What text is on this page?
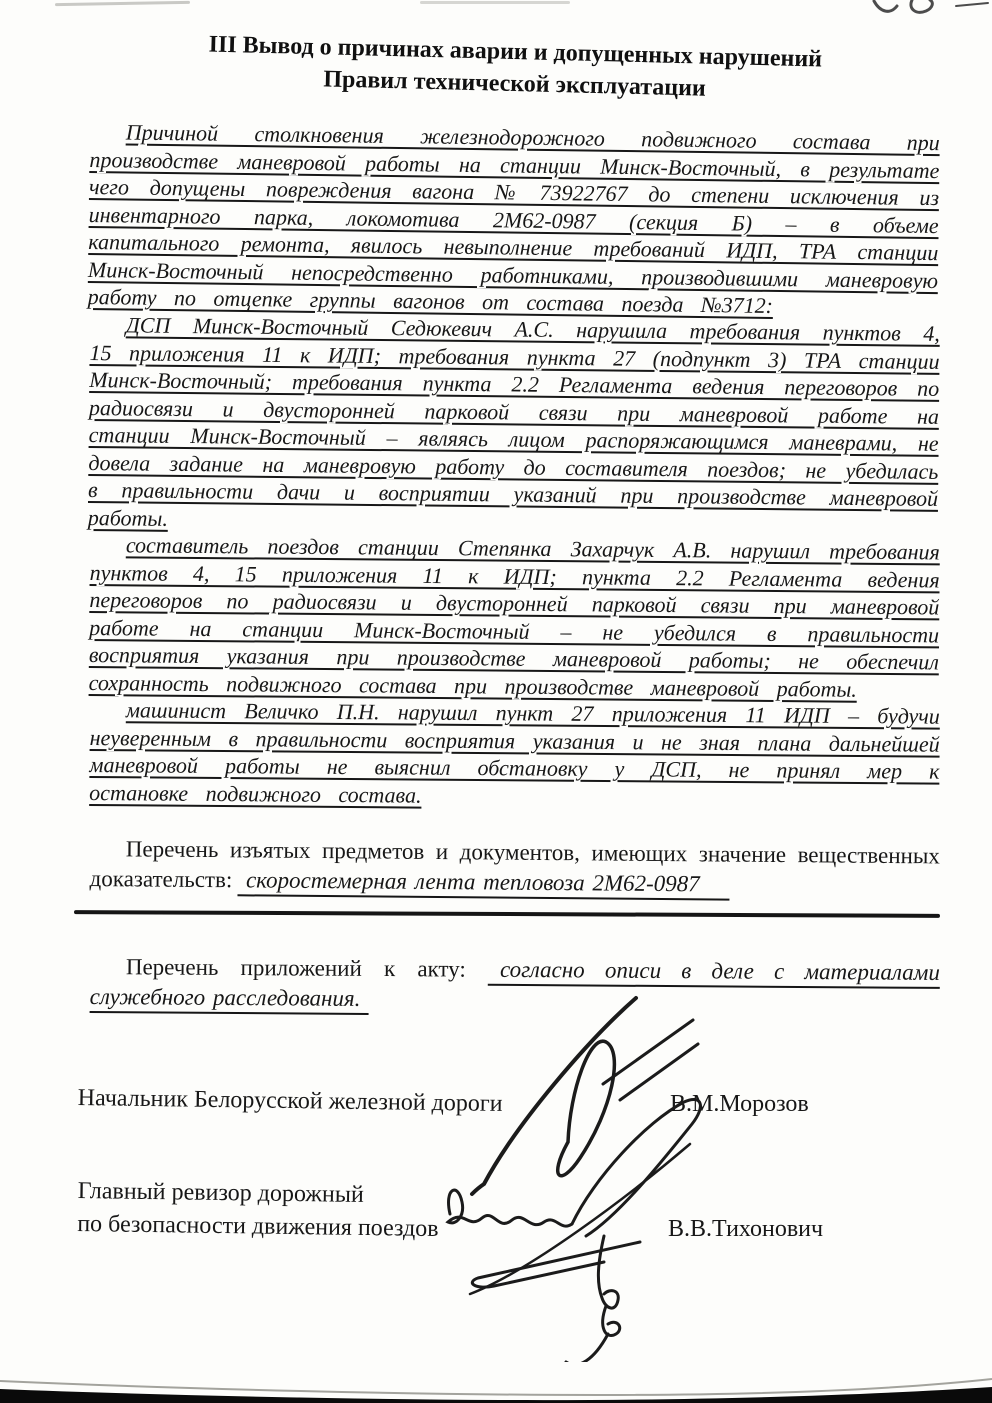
III Вывод о причинах аварии и допущенных нарушений
Правил технической эксплуатации

Причиной столкновения железнодорожного подвижного состава при производстве маневровой работы на станции Минск-Восточный, в результате чего допущены повреждения вагона № 73922767 до степени исключения из инвентарного парка, локомотива 2М62-0987 (секция Б) – в объеме капитального ремонта, явилось невыполнение требований ИДП, ТРА станции Минск-Восточный непосредственно работниками, производившими маневровую работу по отцепке группы вагонов от состава поезда №3712:

ДСП Минск-Восточный Седюкевич А.С. нарушила требования пунктов 4, 15 приложения 11 к ИДП; требования пункта 27 (подпункт 3) ТРА станции Минск-Восточный; требования пункта 2.2 Регламента ведения переговоров по радиосвязи и двусторонней парковой связи при маневровой работе на станции Минск-Восточный – являясь лицом распоряжающимся маневрами, не довела задание на маневровую работу до составителя поездов; не убедилась в правильности дачи и восприятии указаний при производстве маневровой работы.

составитель поездов станции Степянка Захарчук А.В. нарушил требования пунктов 4, 15 приложения 11 к ИДП; пункта 2.2 Регламента ведения переговоров по радиосвязи и двусторонней парковой связи при маневровой работе на станции Минск-Восточный – не убедился в правильности восприятия указания при производстве маневровой работы; не обеспечил сохранность подвижного состава при производстве маневровой работы.

машинист Величко П.Н. нарушил пункт 27 приложения 11 ИДП – будучи неуверенным в правильности восприятия указания и не зная плана дальнейшей маневровой работы не выяснил обстановку у ДСП, не принял мер к остановке подвижного состава.

Перечень изъятых предметов и документов, имеющих значение вещественных доказательств: скоростемерная лента тепловоза 2М62-0987

Перечень приложений к акту: согласно описи в деле с материалами служебного расследования.

Начальник Белорусской железной дороги	В.М.Морозов
Главный ревизор дорожный
по безопасности движения поездов	В.В.Тихонович
